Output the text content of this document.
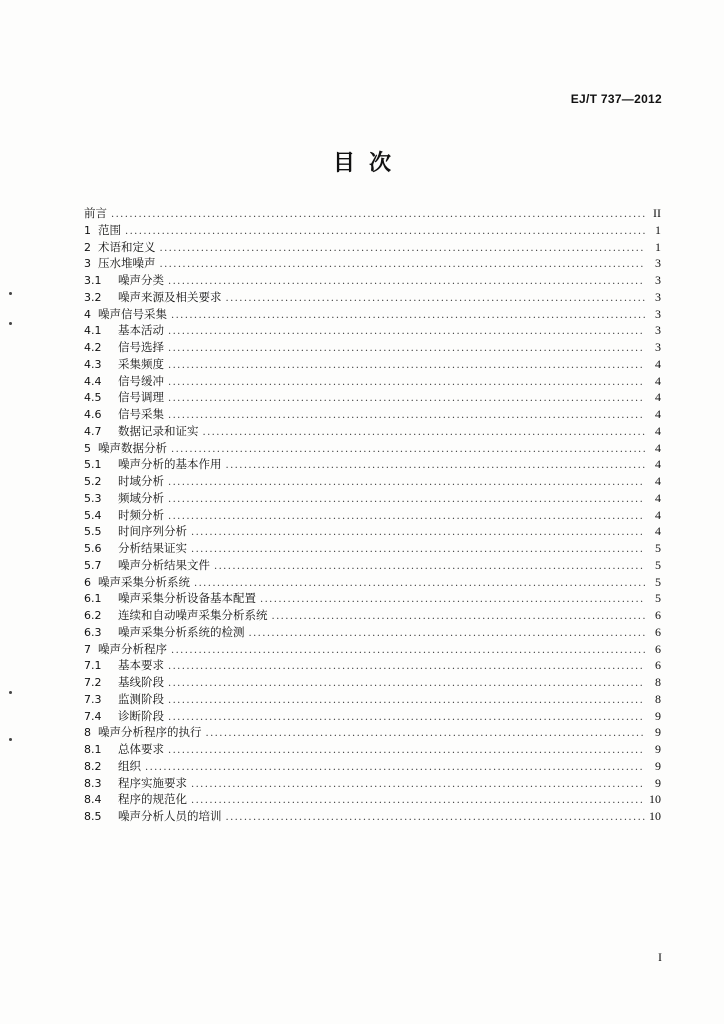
EJ/T 737—2012
目次
前言 .....	II
1 范围 .....	1
2 术语和定义 .....	1
3 压水堆噪声 .....	3
3.1	噪声分类 .....	3
3.2	噪声来源及相关要求 .....	3
4 噪声信号采集 .....	3
4.1	基本活动 .....	3
4.2	信号选择 .....	3
4.3	采集频度 .....	4
4.4	信号缓冲 .....	4
4.5	信号调理 .....	4
4.6	信号采集 .....	4
4.7	数据记录和证实 .....	4
5 噪声数据分析 .....	4
5.1	噪声分析的基本作用 .....	4
5.2	时域分析 .....	4
5.3	频域分析 .....	4
5.4	时频分析 .....	4
5.5	时间序列分析 .....	4
5.6	分析结果证实 .....	5
5.7	噪声分析结果文件 .....	5
6 噪声采集分析系统 .....	5
6.1	噪声采集分析设备基本配置 .....	5
6.2	连续和自动噪声采集分析系统 .....	6
6.3	噪声采集分析系统的检测 .....	6
7 噪声分析程序 .....	6
7.1	基本要求 .....	6
7.2	基线阶段 .....	8
7.3	监测阶段 .....	8
7.4	诊断阶段 .....	9
8 噪声分析程序的执行 .....	9
8.1	总体要求 .....	9
8.2	组织 .....	9
8.3	程序实施要求 .....	9
8.4	程序的规范化 .....	10
8.5	噪声分析人员的培训 .....	10
I
